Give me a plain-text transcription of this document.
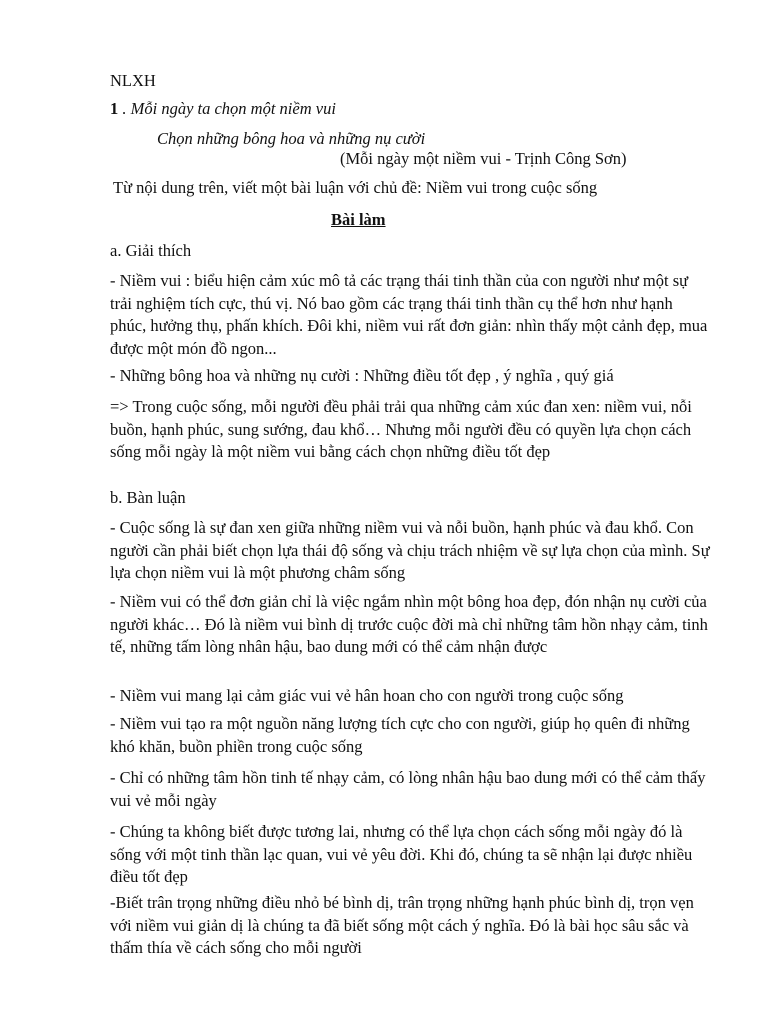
NLXH
1 . Mỗi ngày ta chọn một niềm vui
Chọn những bông hoa và những nụ cười
(Mỗi ngày một niềm vui - Trịnh Công Sơn)
Từ nội dung trên, viết một bài luận với chủ đề: Niềm vui trong cuộc sống
Bài làm
a. Giải thích

- Niềm vui : biểu hiện cảm xúc mô tả các trạng thái tinh thần của con người như một sự trải nghiệm tích cực, thú vị. Nó bao gồm các trạng thái tinh thần cụ thể hơn như hạnh phúc, hưởng thụ, phấn khích. Đôi khi, niềm vui rất đơn giản: nhìn thấy một cảnh đẹp, mua được một món đồ ngon...

- Những bông hoa và những nụ cười : Những điều tốt đẹp , ý nghĩa , quý giá

=> Trong cuộc sống, mỗi người đều phải trải qua những cảm xúc đan xen: niềm vui, nỗi buồn, hạnh phúc, sung sướng, đau khổ… Nhưng mỗi người đều có quyền lựa chọn cách sống mỗi ngày là một niềm vui bằng cách chọn những điều tốt đẹp

b. Bàn luận

- Cuộc sống là sự đan xen giữa những niềm vui và nỗi buồn, hạnh phúc và đau khổ. Con người cần phải biết chọn lựa thái độ sống và chịu trách nhiệm về sự lựa chọn của mình. Sự lựa chọn niềm vui là một phương châm sống

- Niềm vui có thể đơn giản chỉ là việc ngắm nhìn một bông hoa đẹp, đón nhận nụ cười của người khác… Đó là niềm vui bình dị trước cuộc đời mà chỉ những tâm hồn nhạy cảm, tinh tế, những tấm lòng nhân hậu, bao dung mới có thể cảm nhận được

- Niềm vui mang lại cảm giác vui vẻ hân hoan cho con người trong cuộc sống

- Niềm vui tạo ra một nguồn năng lượng tích cực cho con người, giúp họ quên đi những khó khăn, buồn phiền trong cuộc sống

- Chỉ có những tâm hồn tinh tế nhạy cảm, có lòng nhân hậu bao dung mới có thể cảm thấy vui vẻ mỗi ngày

- Chúng ta không biết được tương lai, nhưng có thể lựa chọn cách sống mỗi ngày đó là sống với một tinh thần lạc quan, vui vẻ yêu đời. Khi đó, chúng ta sẽ nhận lại được nhiều điều tốt đẹp

-Biết trân trọng những điều nhỏ bé bình dị, trân trọng những hạnh phúc bình dị, trọn vẹn với niềm vui giản dị là chúng ta đã biết sống một cách ý nghĩa. Đó là bài học sâu sắc và thấm thía về cách sống cho mỗi người
